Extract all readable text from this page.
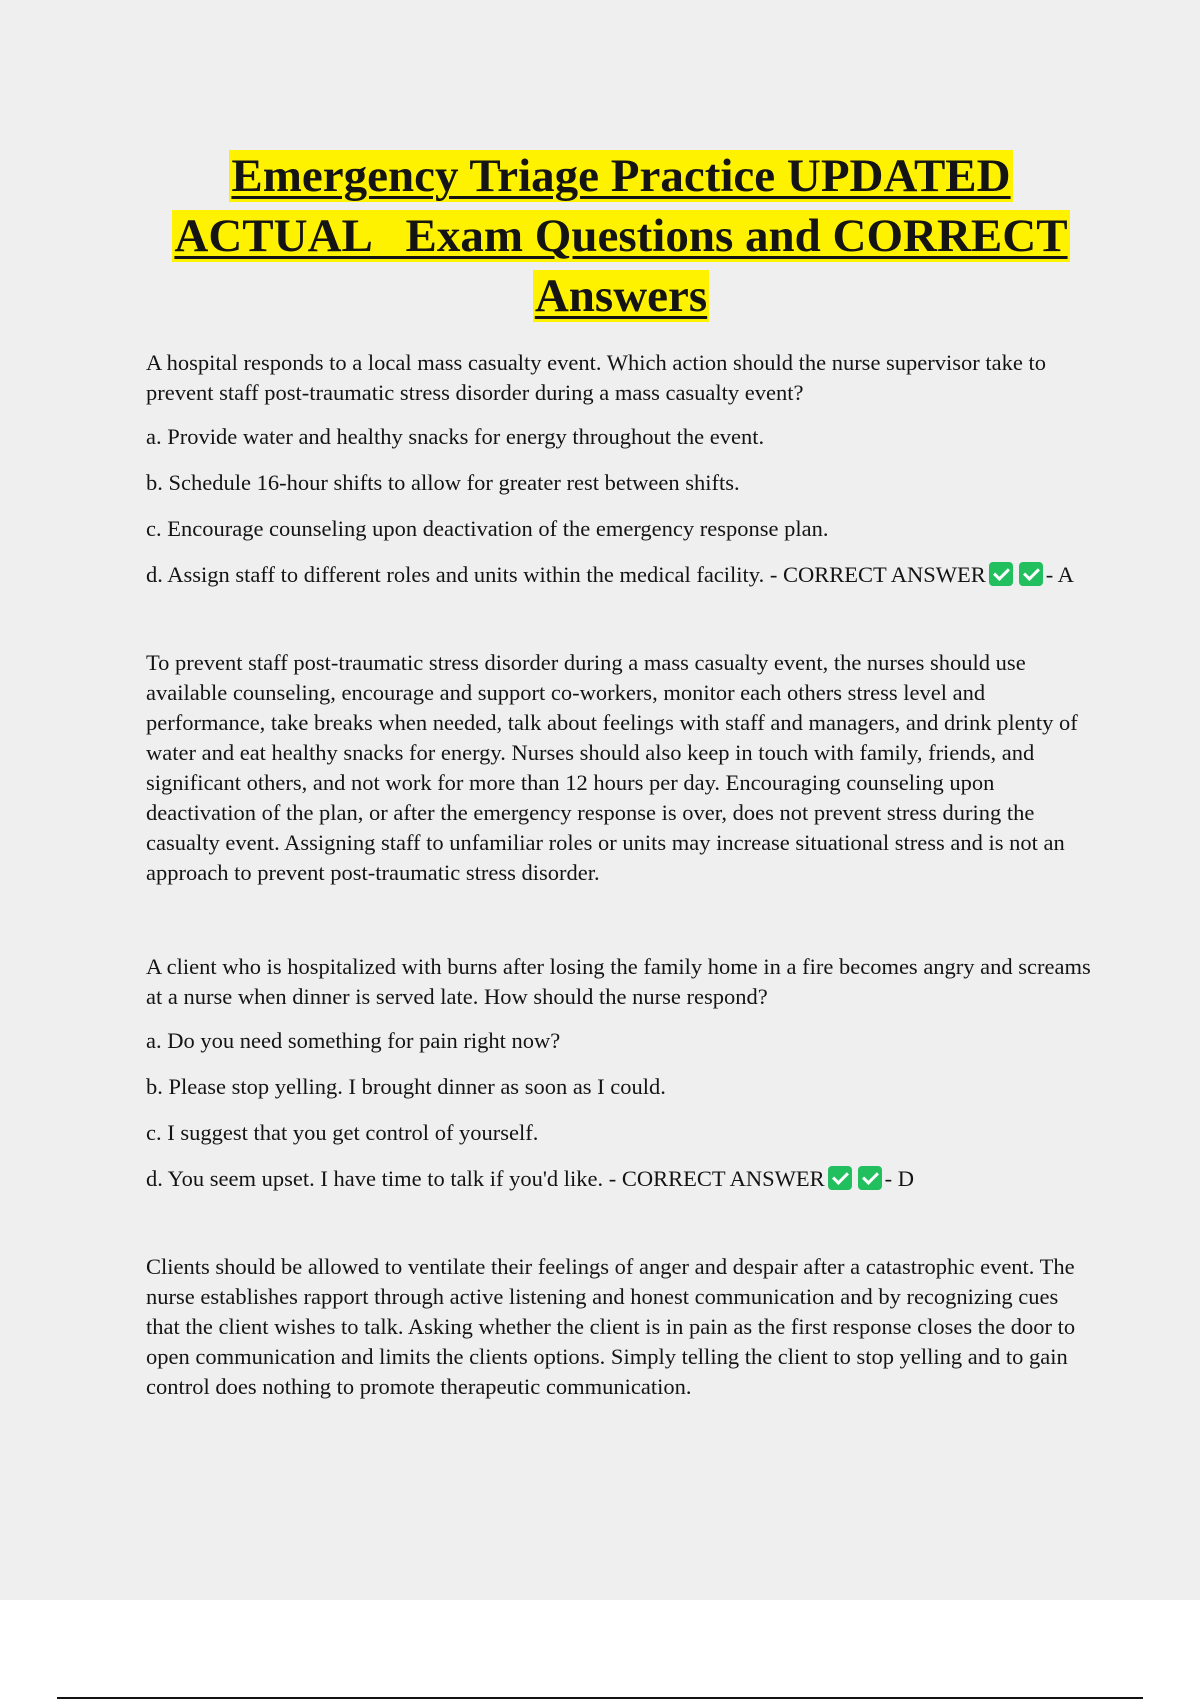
Emergency Triage Practice UPDATED
ACTUAL   Exam Questions and CORRECT
Answers

A hospital responds to a local mass casualty event. Which action should the nurse supervisor take to prevent staff post-traumatic stress disorder during a mass casualty event?

a. Provide water and healthy snacks for energy throughout the event.

b. Schedule 16-hour shifts to allow for greater rest between shifts.

c. Encourage counseling upon deactivation of the emergency response plan.

d. Assign staff to different roles and units within the medical facility. - CORRECT ANSWER	- A

To prevent staff post-traumatic stress disorder during a mass casualty event, the nurses should use available counseling, encourage and support co-workers, monitor each others stress level and performance, take breaks when needed, talk about feelings with staff and managers, and drink plenty of water and eat healthy snacks for energy. Nurses should also keep in touch with family, friends, and significant others, and not work for more than 12 hours per day. Encouraging counseling upon deactivation of the plan, or after the emergency response is over, does not prevent stress during the casualty event. Assigning staff to unfamiliar roles or units may increase situational stress and is not an approach to prevent post-traumatic stress disorder.

A client who is hospitalized with burns after losing the family home in a fire becomes angry and screams at a nurse when dinner is served late. How should the nurse respond?

a. Do you need something for pain right now?

b. Please stop yelling. I brought dinner as soon as I could.

c. I suggest that you get control of yourself.

d. You seem upset. I have time to talk if you'd like. - CORRECT ANSWER	- D

Clients should be allowed to ventilate their feelings of anger and despair after a catastrophic event. The nurse establishes rapport through active listening and honest communication and by recognizing cues that the client wishes to talk. Asking whether the client is in pain as the first response closes the door to open communication and limits the clients options. Simply telling the client to stop yelling and to gain control does nothing to promote therapeutic communication.
